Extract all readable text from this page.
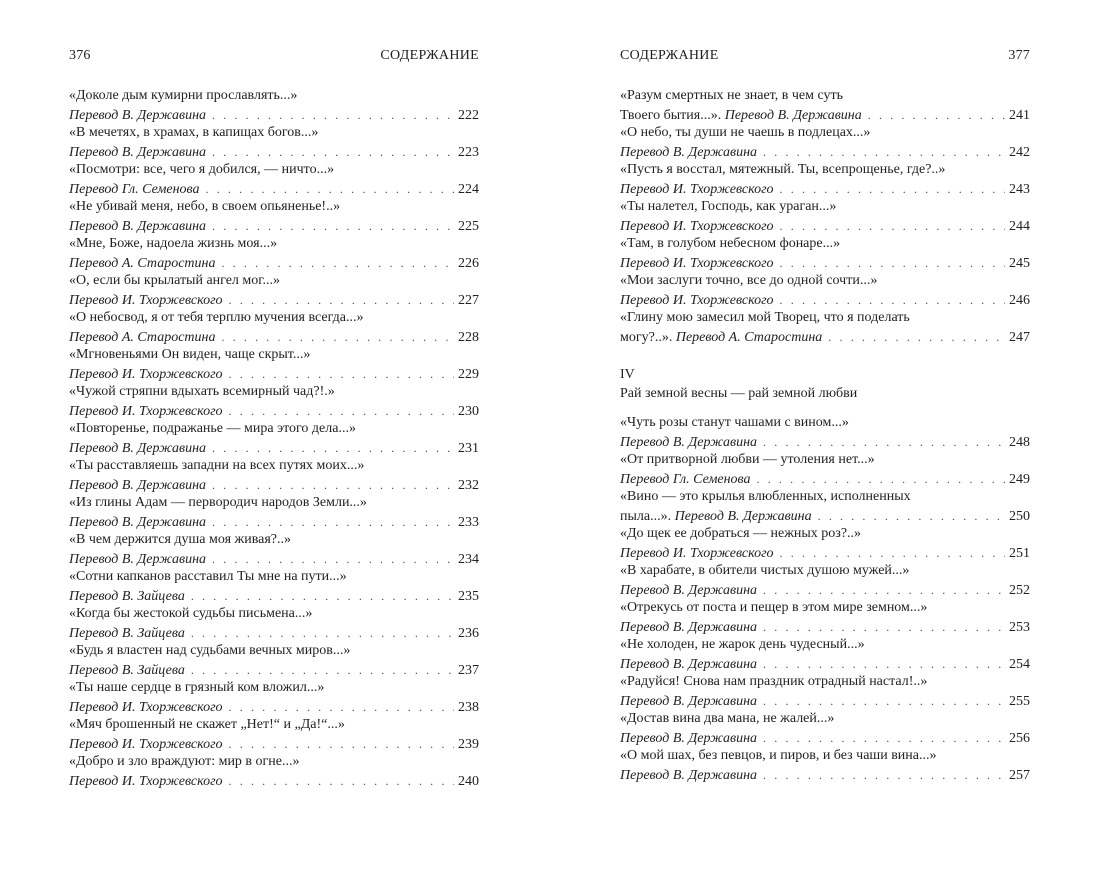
376	СОДЕРЖАНИЕ
«Доколе дым кумирни прославлять...»
Перевод В. Державина . . .	222
«В мечетях, в храмах, в капищах богов...»
Перевод В. Державина . . .	223
«Посмотри: все, чего я добился, — ничто...»
Перевод Гл. Семенова . . .	224
«Не убивай меня, небо, в своем опьяненье!..»
Перевод В. Державина . . .	225
«Мне, Боже, надоела жизнь моя...»
Перевод А. Старостина . . .	226
«О, если бы крылатый ангел мог...»
Перевод И. Тхоржевского . . .	227
«О небосвод, я от тебя терплю мучения всегда...»
Перевод А. Старостина . . .	228
«Мгновеньями Он виден, чаще скрыт...»
Перевод И. Тхоржевского . . .	229
«Чужой стряпни вдыхать всемирный чад?!.»
Перевод И. Тхоржевского . . .	230
«Повторенье, подражанье — мира этого дела...»
Перевод В. Державина . . .	231
«Ты расставляешь западни на всех путях моих...»
Перевод В. Державина . . .	232
«Из глины Адам — первородич народов Земли...»
Перевод В. Державина . . .	233
«В чем держится душа моя живая?..»
Перевод В. Державина . . .	234
«Сотни капканов расставил Ты мне на пути...»
Перевод В. Зайцева . . .	235
«Когда бы жестокой судьбы письмена...»
Перевод В. Зайцева . . .	236
«Будь я властен над судьбами вечных миров...»
Перевод В. Зайцева . . .	237
«Ты наше сердце в грязный ком вложил...»
Перевод И. Тхоржевского . . .	238
«Мяч брошенный не скажет „Нет!“ и „Да!“...»
Перевод И. Тхоржевского . . .	239
«Добро и зло враждуют: мир в огне...»
Перевод И. Тхоржевского . . .	240
СОДЕРЖАНИЕ	377
«Разум смертных не знает, в чем суть
Твоего бытия...». Перевод В. Державина . . .	241
«О небо, ты души не чаешь в подлецах...»
Перевод В. Державина . . .	242
«Пусть я восстал, мятежный. Ты, всепрощенье, где?..»
Перевод И. Тхоржевского . . .	243
«Ты налетел, Господь, как ураган...»
Перевод И. Тхоржевского . . .	244
«Там, в голубом небесном фонаре...»
Перевод И. Тхоржевского . . .	245
«Мои заслуги точно, все до одной сочти...»
Перевод И. Тхоржевского . . .	246
«Глину мою замесил мой Творец, что я поделать
могу?..». Перевод А. Старостина . . .	247
IV
Рай земной весны — рай земной любви
«Чуть розы станут чашами с вином...»
Перевод В. Державина . . .	248
«От притворной любви — утоления нет...»
Перевод Гл. Семенова . . .	249
«Вино — это крылья влюбленных, исполненных
пыла...». Перевод В. Державина . . .	250
«До щек ее добраться — нежных роз?..»
Перевод И. Тхоржевского . . .	251
«В харабате, в обители чистых душою мужей...»
Перевод В. Державина . . .	252
«Отрекусь от поста и пещер в этом мире земном...»
Перевод В. Державина . . .	253
«Не холоден, не жарок день чудесный...»
Перевод В. Державина . . .	254
«Радуйся! Снова нам праздник отрадный настал!..»
Перевод В. Державина . . .	255
«Достав вина два мана, не жалей...»
Перевод В. Державина . . .	256
«О мой шах, без певцов, и пиров, и без чаши вина...»
Перевод В. Державина . . .	257
